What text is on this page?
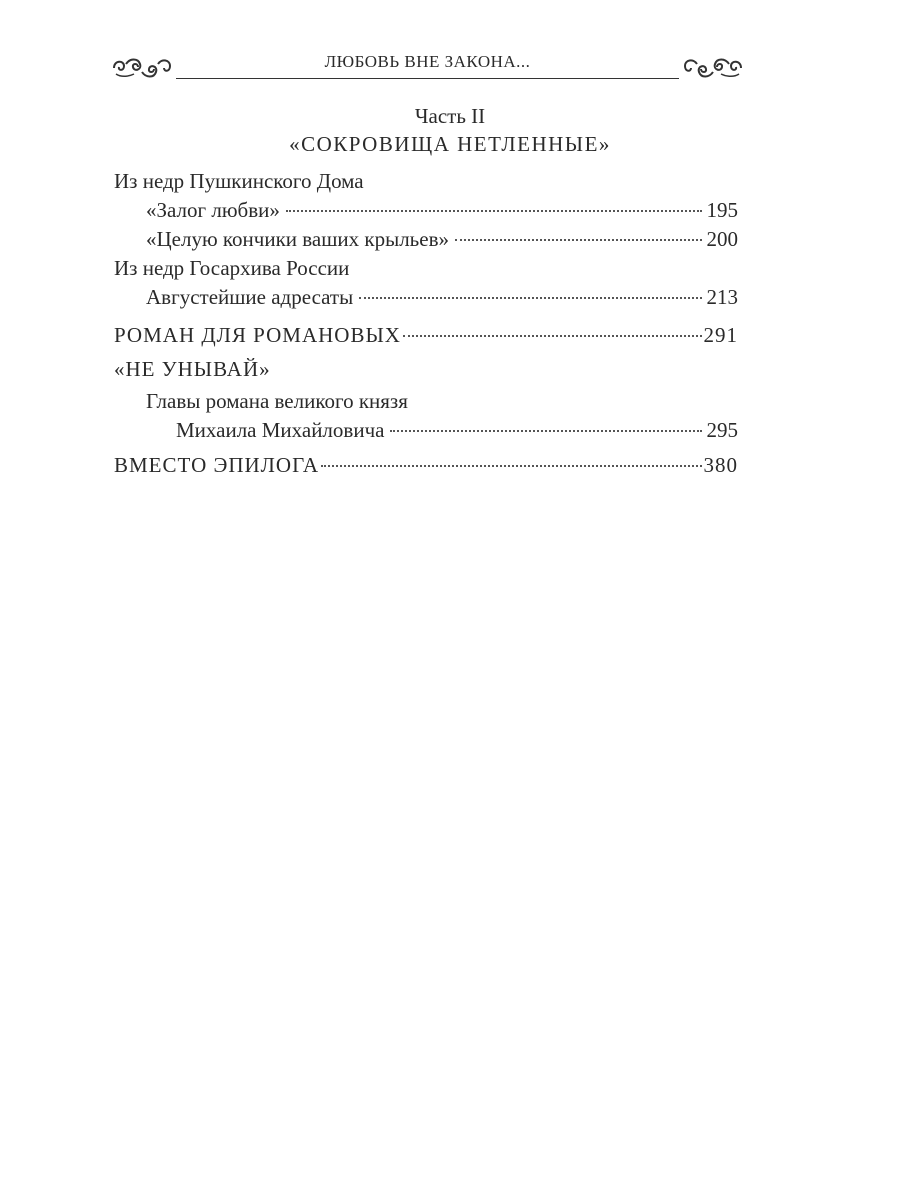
ЛЮБОВЬ ВНЕ ЗАКОНА...
Часть II
«СОКРОВИЩА НЕТЛЕННЫЕ»
Из недр Пушкинского Дома
«Залог любви»	195
«Целую кончики ваших крыльев»	200
Из недр Госархива России
Августейшие адресаты	213
РОМАН ДЛЯ РОМАНОВЫХ	291
«НЕ УНЫВАЙ»
Главы романа великого князя
Михаила Михайловича	295
ВМЕСТО ЭПИЛОГА	380
